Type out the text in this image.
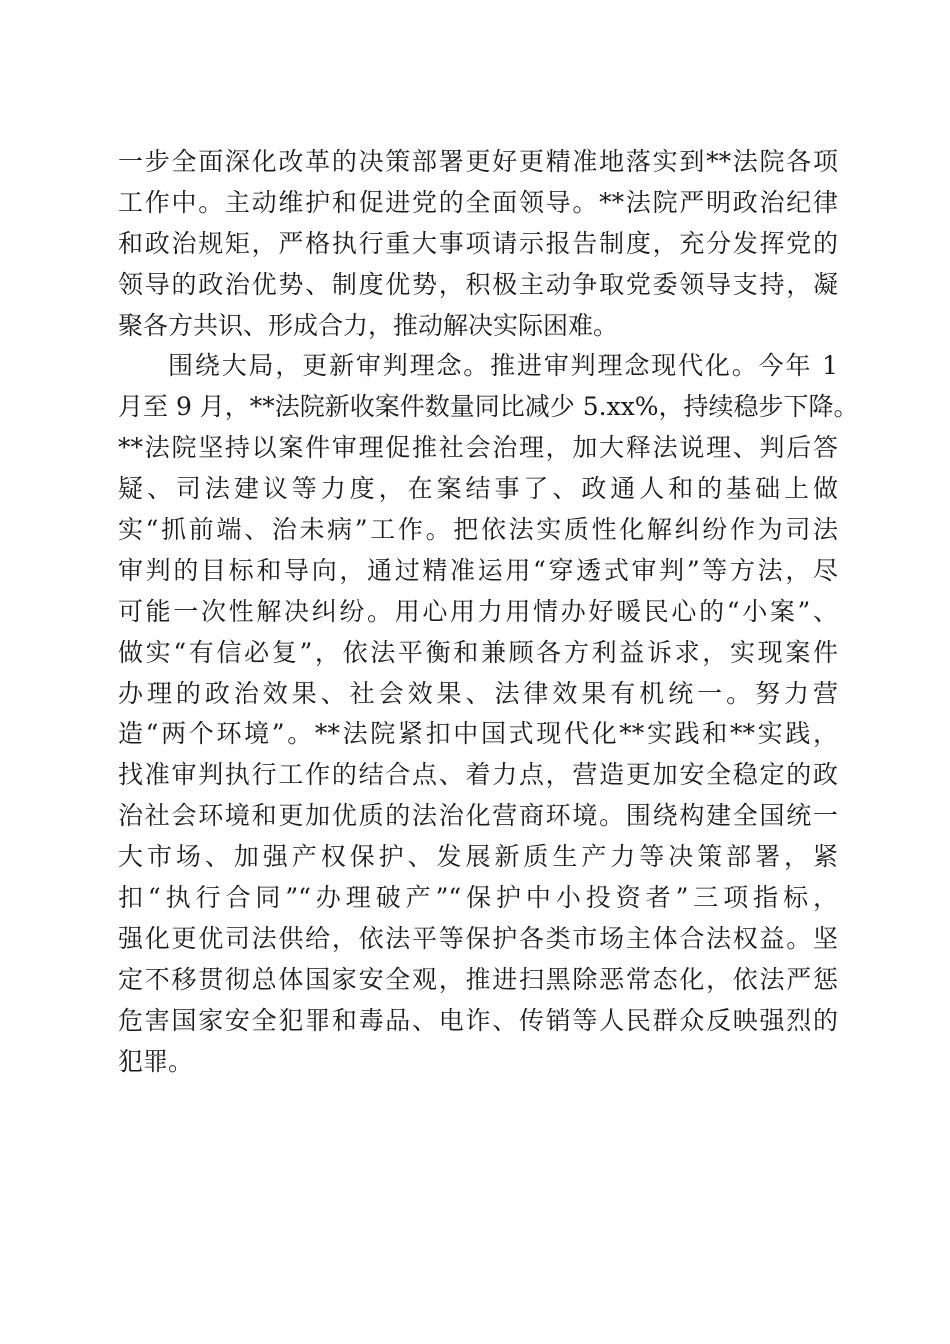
一步全面深化改革的决策部署更好更精准地落实到**法院各项
工作中。主动维护和促进党的全面领导。**法院严明政治纪律
和政治规矩，严格执行重大事项请示报告制度，充分发挥党的
领导的政治优势、制度优势，积极主动争取党委领导支持，凝
聚各方共识、形成合力，推动解决实际困难。
围绕大局，更新审判理念。推进审判理念现代化。今年 1
月至 9 月，**法院新收案件数量同比减少 5.xx%，持续稳步下降。
**法院坚持以案件审理促推社会治理，加大释法说理、判后答
疑、司法建议等力度，在案结事了、政通人和的基础上做
实“抓前端、治未病”工作。把依法实质性化解纠纷作为司法
审判的目标和导向，通过精准运用“穿透式审判”等方法，尽
可能一次性解决纠纷。用心用力用情办好暖民心的“小案”、
做实“有信必复”，依法平衡和兼顾各方利益诉求，实现案件
办理的政治效果、社会效果、法律效果有机统一。努力营
造“两个环境”。**法院紧扣中国式现代化**实践和**实践，
找准审判执行工作的结合点、着力点，营造更加安全稳定的政
治社会环境和更加优质的法治化营商环境。围绕构建全国统一
大市场、加强产权保护、发展新质生产力等决策部署，紧
扣“执行合同”“办理破产”“保护中小投资者”三项指标，
强化更优司法供给，依法平等保护各类市场主体合法权益。坚
定不移贯彻总体国家安全观，推进扫黑除恶常态化，依法严惩
危害国家安全犯罪和毒品、电诈、传销等人民群众反映强烈的
犯罪。
